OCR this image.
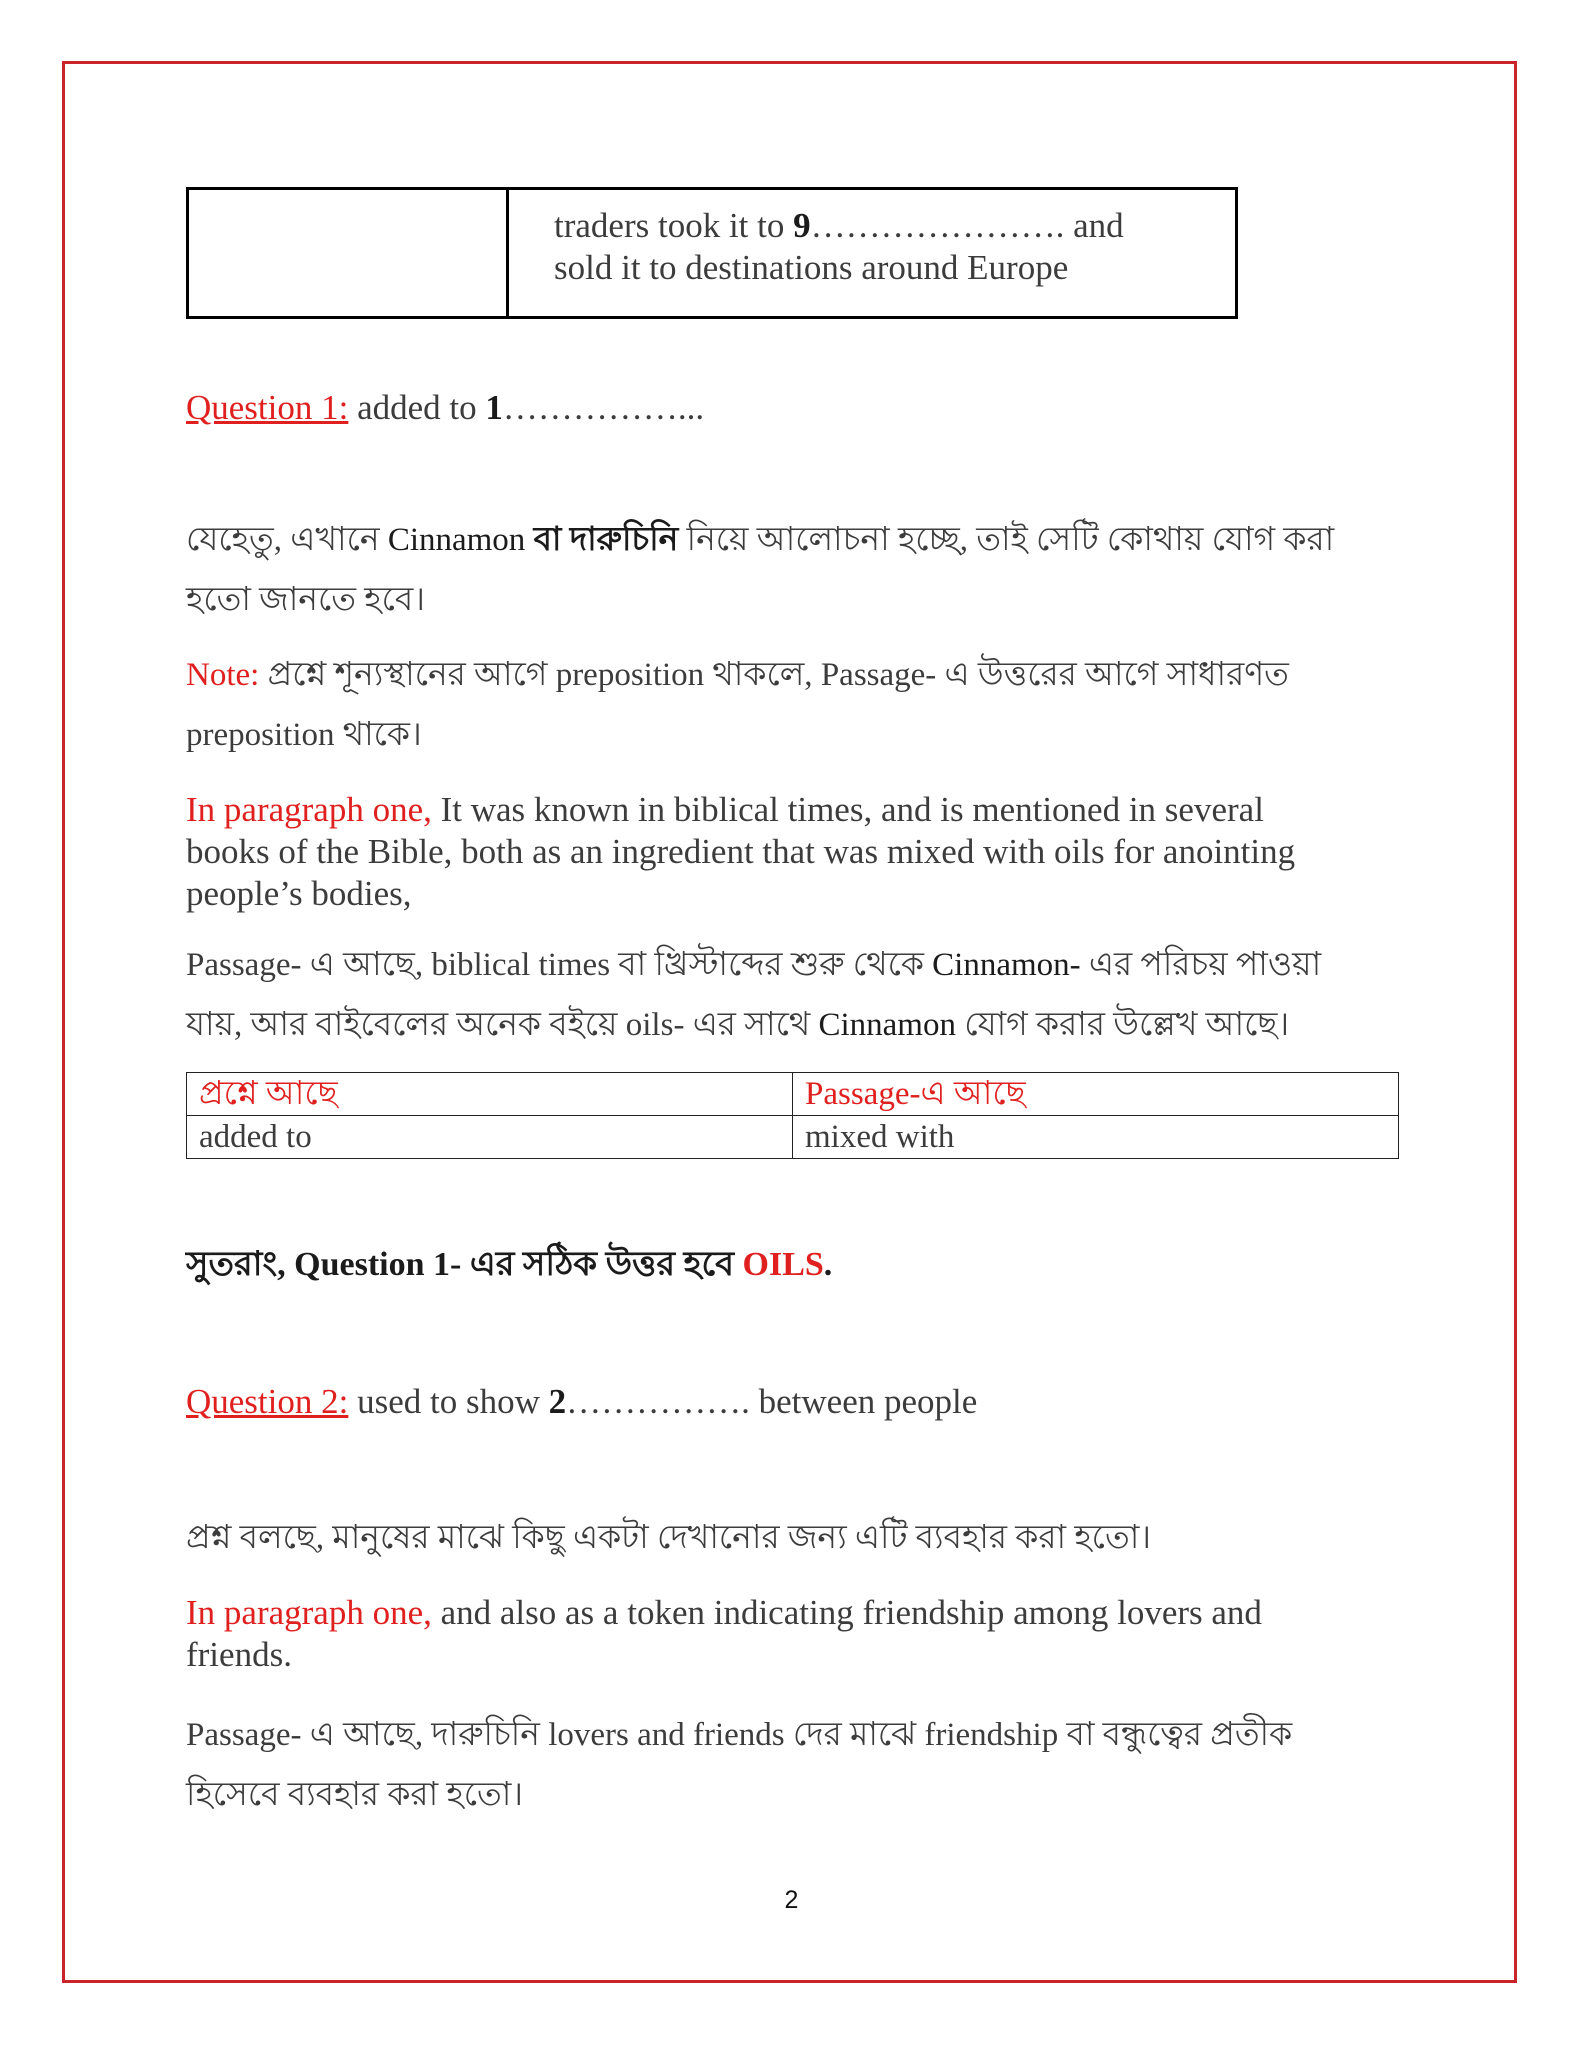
traders took it to 9…………………. and
sold it to destinations around Europe
Question 1: added to 1……………...
যেহেতু, এখানে Cinnamon বা দারুচিনি নিয়ে আলোচনা হচ্ছে, তাই সেটি কোথায় যোগ করা
হতো জানতে হবে।
Note: প্রশ্নে শূন্যস্থানের আগে preposition থাকলে, Passage- এ উত্তরের আগে সাধারণত
preposition থাকে।
In paragraph one, It was known in biblical times, and is mentioned in several books of the Bible, both as an ingredient that was mixed with oils for anointing people’s bodies,
Passage- এ আছে, biblical times বা খ্রিস্টাব্দের শুরু থেকে Cinnamon- এর পরিচয় পাওয়া
যায়, আর বাইবেলের অনেক বইয়ে oils- এর সাথে Cinnamon যোগ করার উল্লেখ আছে।
প্রশ্নে আছে	Passage-এ আছে
added to	mixed with
সুতরাং, Question 1- এর সঠিক উত্তর হবে OILS.
Question 2: used to show 2……………. between people
প্রশ্ন বলছে, মানুষের মাঝে কিছু একটা দেখানোর জন্য এটি ব্যবহার করা হতো।
In paragraph one, and also as a token indicating friendship among lovers and friends.
Passage- এ আছে, দারুচিনি lovers and friends দের মাঝে friendship বা বন্ধুত্বের প্রতীক
হিসেবে ব্যবহার করা হতো।
2
